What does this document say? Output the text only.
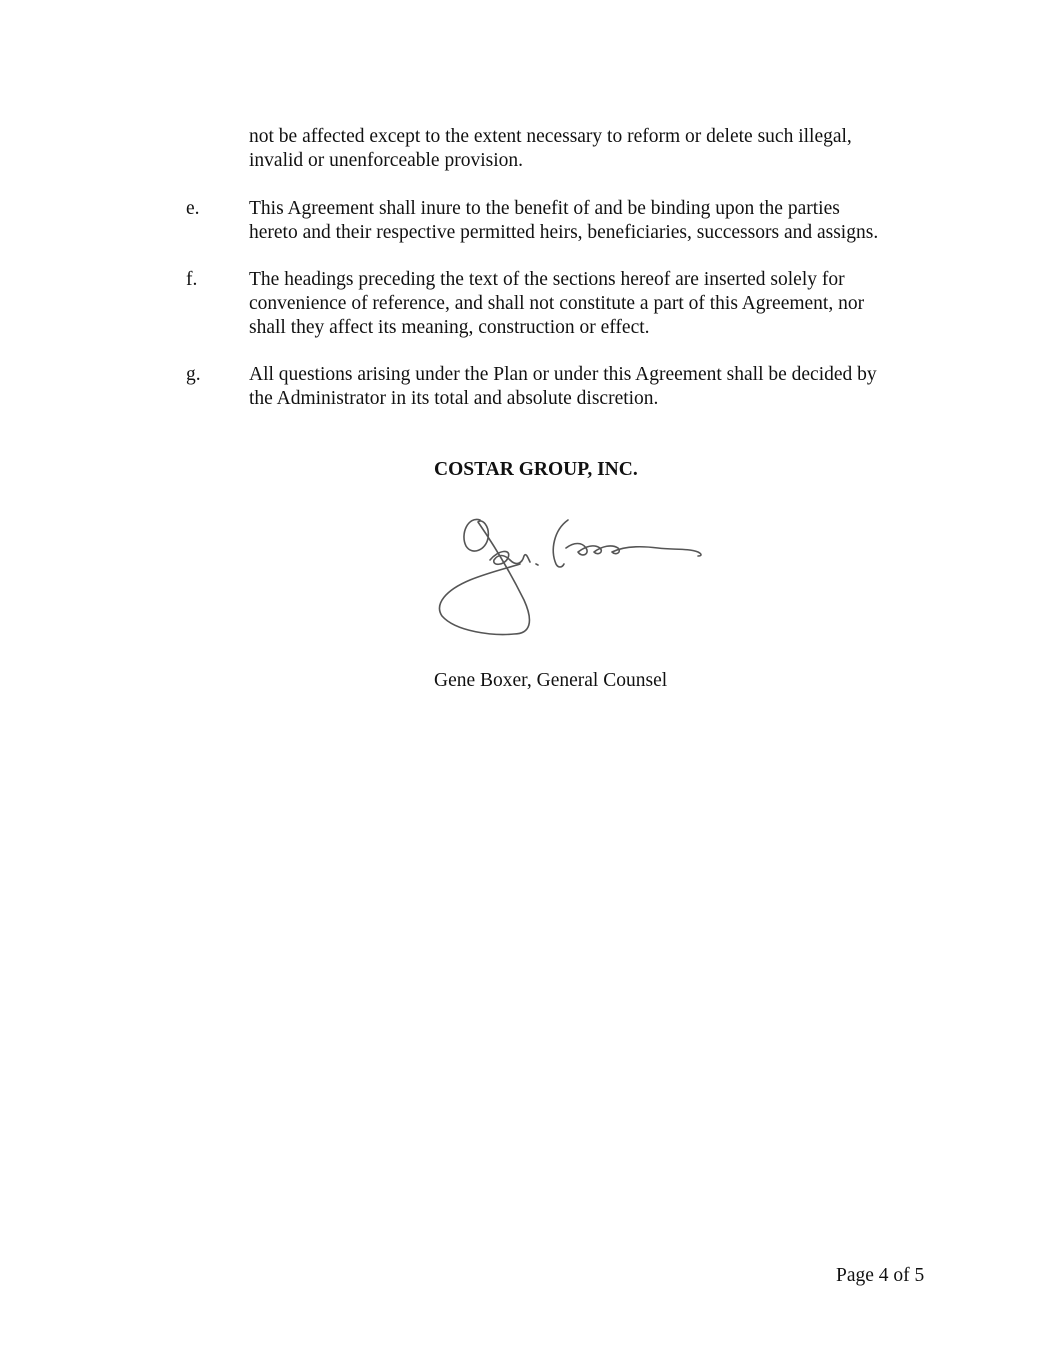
not be affected except to the extent necessary to reform or delete such illegal,
invalid or unenforceable provision.

e.	This Agreement shall inure to the benefit of and be binding upon the parties
hereto and their respective permitted heirs, beneficiaries, successors and assigns.

f.	The headings preceding the text of the sections hereof are inserted solely for
convenience of reference, and shall not constitute a part of this Agreement, nor
shall they affect its meaning, construction or effect.

g. All questions arising under the Plan or under this Agreement shall be decided by
the Administrator in its total and absolute discretion.

COSTAR GROUP, INC.
Gene Boxer, General Counsel
Page 4 of 5
